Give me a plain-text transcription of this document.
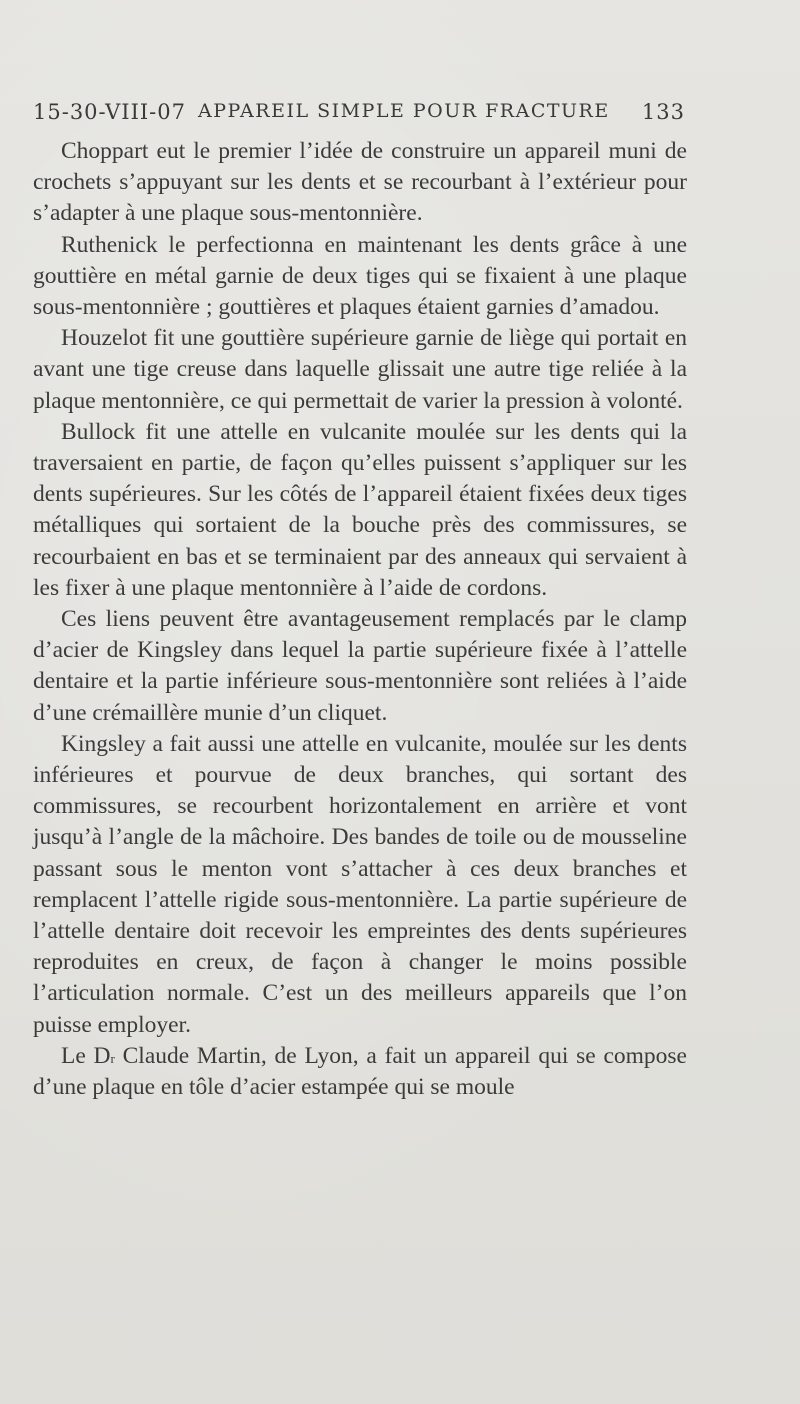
15-30-VIII-07 APPAREIL SIMPLE POUR FRACTURE 133

Choppart eut le premier l’idée de construire un appareil muni de crochets s’appuyant sur les dents et se recourbant à l’extérieur pour s’adapter à une plaque sous-mentonnière.

Ruthenick le perfectionna en maintenant les dents grâce à une gouttière en métal garnie de deux tiges qui se fixaient à une plaque sous-mentonnière ; gouttières et plaques étaient garnies d’amadou.

Houzelot fit une gouttière supérieure garnie de liège qui portait en avant une tige creuse dans laquelle glissait une autre tige reliée à la plaque mentonnière, ce qui permettait de varier la pression à volonté.

Bullock fit une attelle en vulcanite moulée sur les dents qui la traversaient en partie, de façon qu’elles puissent s’appliquer sur les dents supérieures. Sur les côtés de l’appareil étaient fixées deux tiges métalliques qui sortaient de la bouche près des commissures, se recourbaient en bas et se terminaient par des anneaux qui servaient à les fixer à une plaque mentonnière à l’aide de cordons.

Ces liens peuvent être avantageusement remplacés par le clamp d’acier de Kingsley dans lequel la partie supérieure fixée à l’attelle dentaire et la partie inférieure sous-mentonnière sont reliées à l’aide d’une crémaillère munie d’un cliquet.

Kingsley a fait aussi une attelle en vulcanite, moulée sur les dents inférieures et pourvue de deux branches, qui sortant des commissures, se recourbent horizontalement en arrière et vont jusqu’à l’angle de la mâchoire. Des bandes de toile ou de mousseline passant sous le menton vont s’attacher à ces deux branches et remplacent l’attelle rigide sous-mentonnière. La partie supérieure de l’attelle dentaire doit recevoir les empreintes des dents supérieures reproduites en creux, de façon à changer le moins possible l’articulation normale. C’est un des meilleurs appareils que l’on puisse employer.

Le $D^r$ Claude Martin, de Lyon, a fait un appareil qui se compose d’une plaque en tôle d’acier estampée qui se moule
